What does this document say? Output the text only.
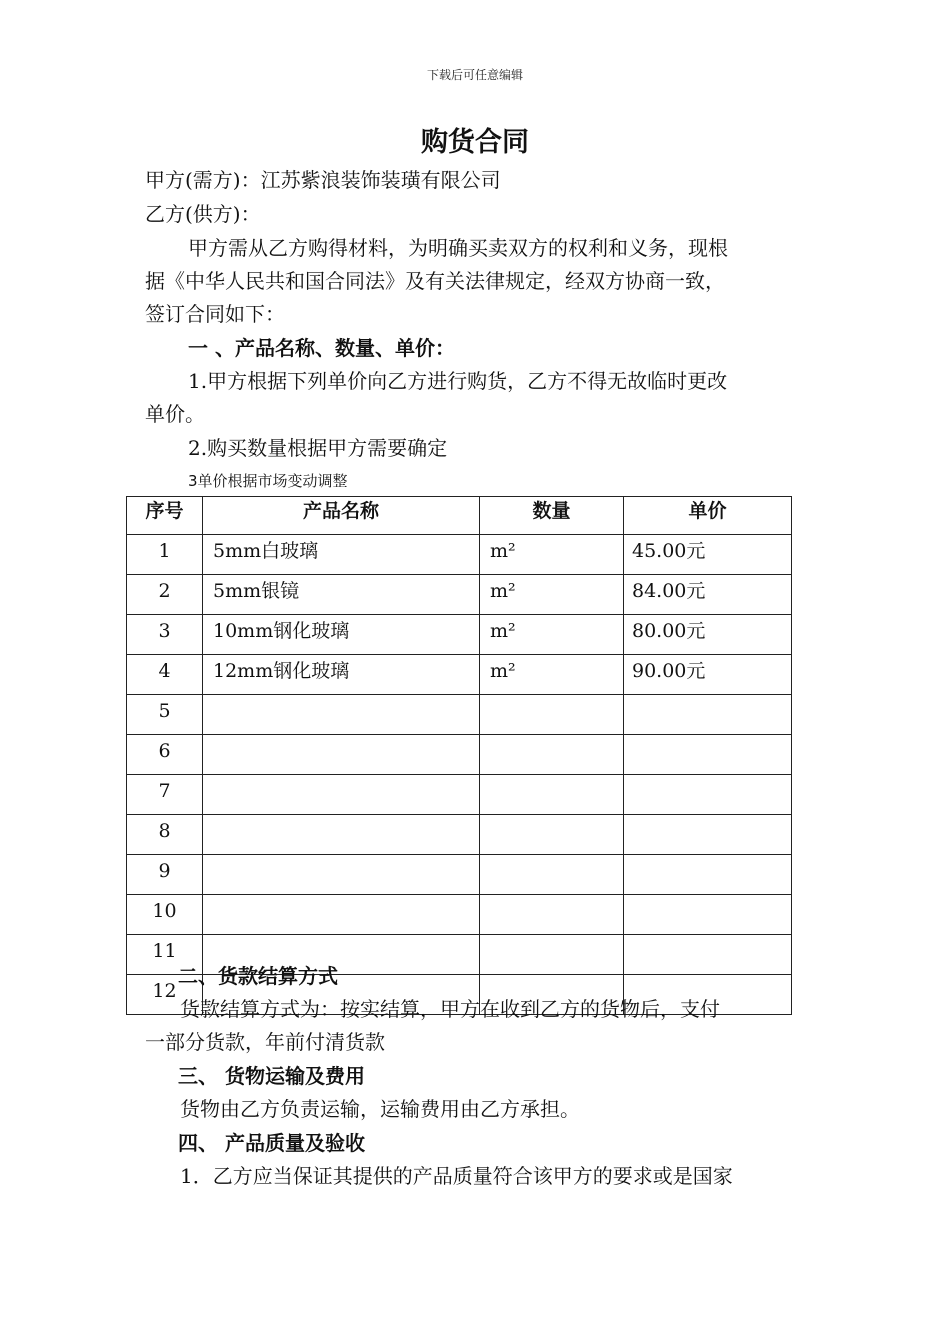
下载后可任意编辑
购货合同
甲方(需方)：江苏紫浪装饰装璜有限公司
乙方(供方)：
甲方需从乙方购得材料，为明确买卖双方的权利和义务，现根
据《中华人民共和国合同法》及有关法律规定，经双方协商一致，
签订合同如下：
一 、产品名称、数量、单价：
1.甲方根据下列单价向乙方进行购货，乙方不得无故临时更改
单价。
2.购买数量根据甲方需要确定
3单价根据市场变动调整
序号	产品名称	数量	单价
1	5mm白玻璃	m²	45.00元
2	5mm银镜	m²	84.00元
3	10mm钢化玻璃	m²	80.00元
4	12mm钢化玻璃	m²	90.00元
5			
6			
7			
8			
9			
10			
11			
12			
二、货款结算方式
货款结算方式为：按实结算，甲方在收到乙方的货物后，支付
一部分货款，年前付清货款
三、 货物运输及费用
货物由乙方负责运输，运输费用由乙方承担。
四、 产品质量及验收
1．乙方应当保证其提供的产品质量符合该甲方的要求或是国家
